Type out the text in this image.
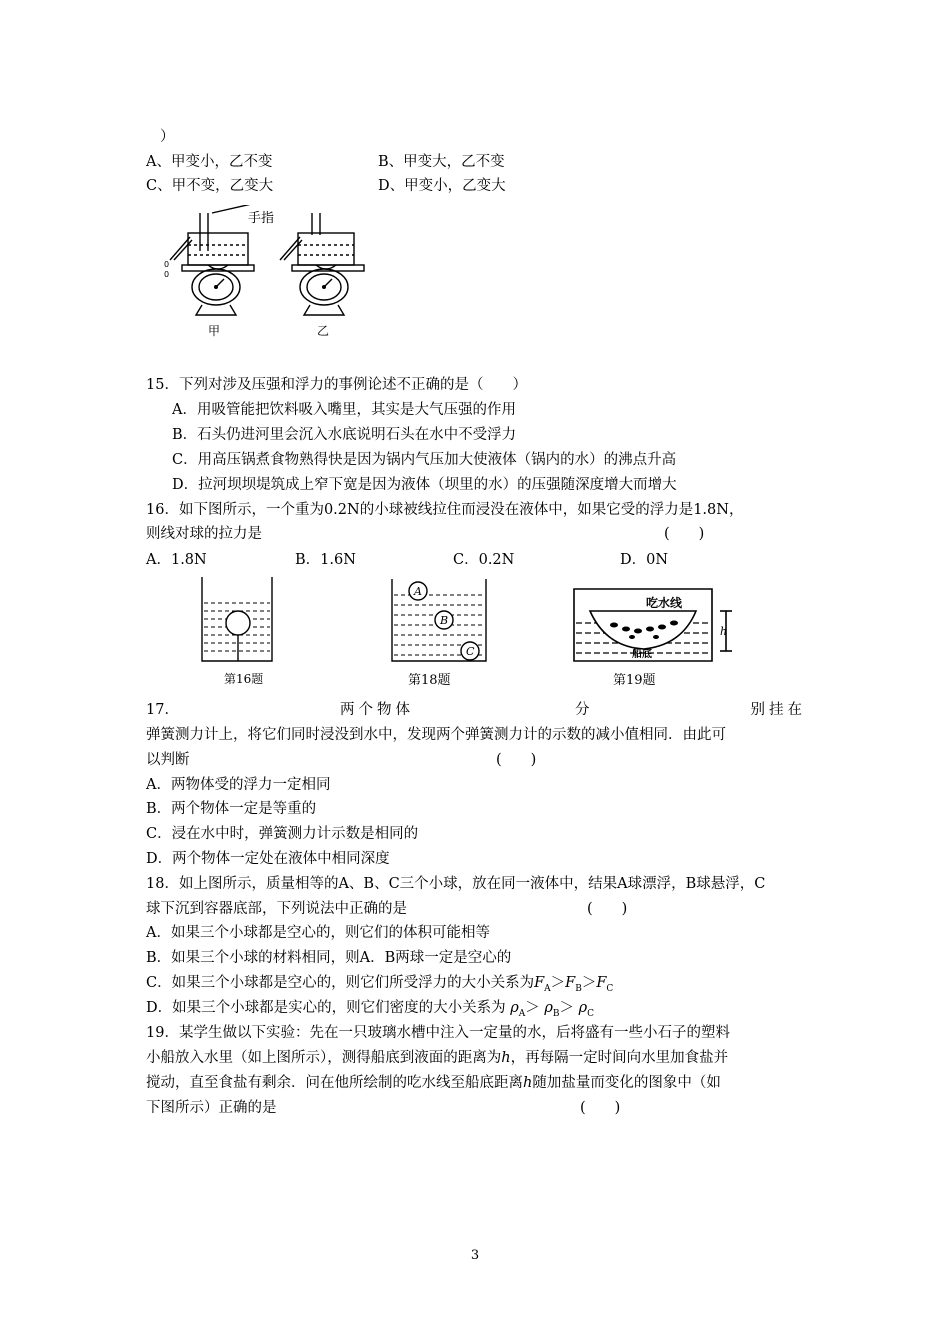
）
A、甲变小，乙不变	B、甲变大，乙不变
C、甲不变，乙变大	D、甲变小，乙变大
0
0
手指
甲	乙
15．下列对涉及压强和浮力的事例论述不正确的是（　　）
A．用吸管能把饮料吸入嘴里，其实是大气压强的作用
B．石头仍进河里会沉入水底说明石头在水中不受浮力
C．用高压锅煮食物熟得快是因为锅内气压加大使液体（锅内的水）的沸点升高
D．拉河坝坝堤筑成上窄下宽是因为液体（坝里的水）的压强随深度增大而增大
16．如下图所示，一个重为0.2N的小球被线拉住而浸没在液体中，如果它受的浮力是1.8N，
则线对球的拉力是	(　　)
A．1.8N	B．1.6N	C．0.2N	D．0N
第16题
A
B
C
第18题
吃水线
船底
h
第19题
17．	两个物体	分	别挂在
弹簧测力计上，将它们同时浸没到水中，发现两个弹簧测力计的示数的减小值相同．由此可
以判断	(　　)
A．两物体受的浮力一定相同
B．两个物体一定是等重的
C．浸在水中时，弹簧测力计示数是相同的
D．两个物体一定处在液体中相同深度
18．如上图所示，质量相等的A、B、C三个小球，放在同一液体中，结果A球漂浮，B球悬浮，C
球下沉到容器底部，下列说法中正确的是	(　　)
A．如果三个小球都是空心的，则它们的体积可能相等
B．如果三个小球的材料相同，则A．B两球一定是空心的
C．如果三个小球都是空心的，则它们所受浮力的大小关系为$F_A>F_B>F_C$
D．如果三个小球都是实心的，则它们密度的大小关系为 $\rho_A> \rho_B> \rho_C$
19．某学生做以下实验：先在一只玻璃水槽中注入一定量的水，后将盛有一些小石子的塑料
小船放入水里（如上图所示），测得船底到液面的距离为h，再每隔一定时间向水里加食盐并
搅动，直至食盐有剩余．问在他所绘制的吃水线至船底距离h随加盐量而变化的图象中（如
下图所示）正确的是	(　　)
3
